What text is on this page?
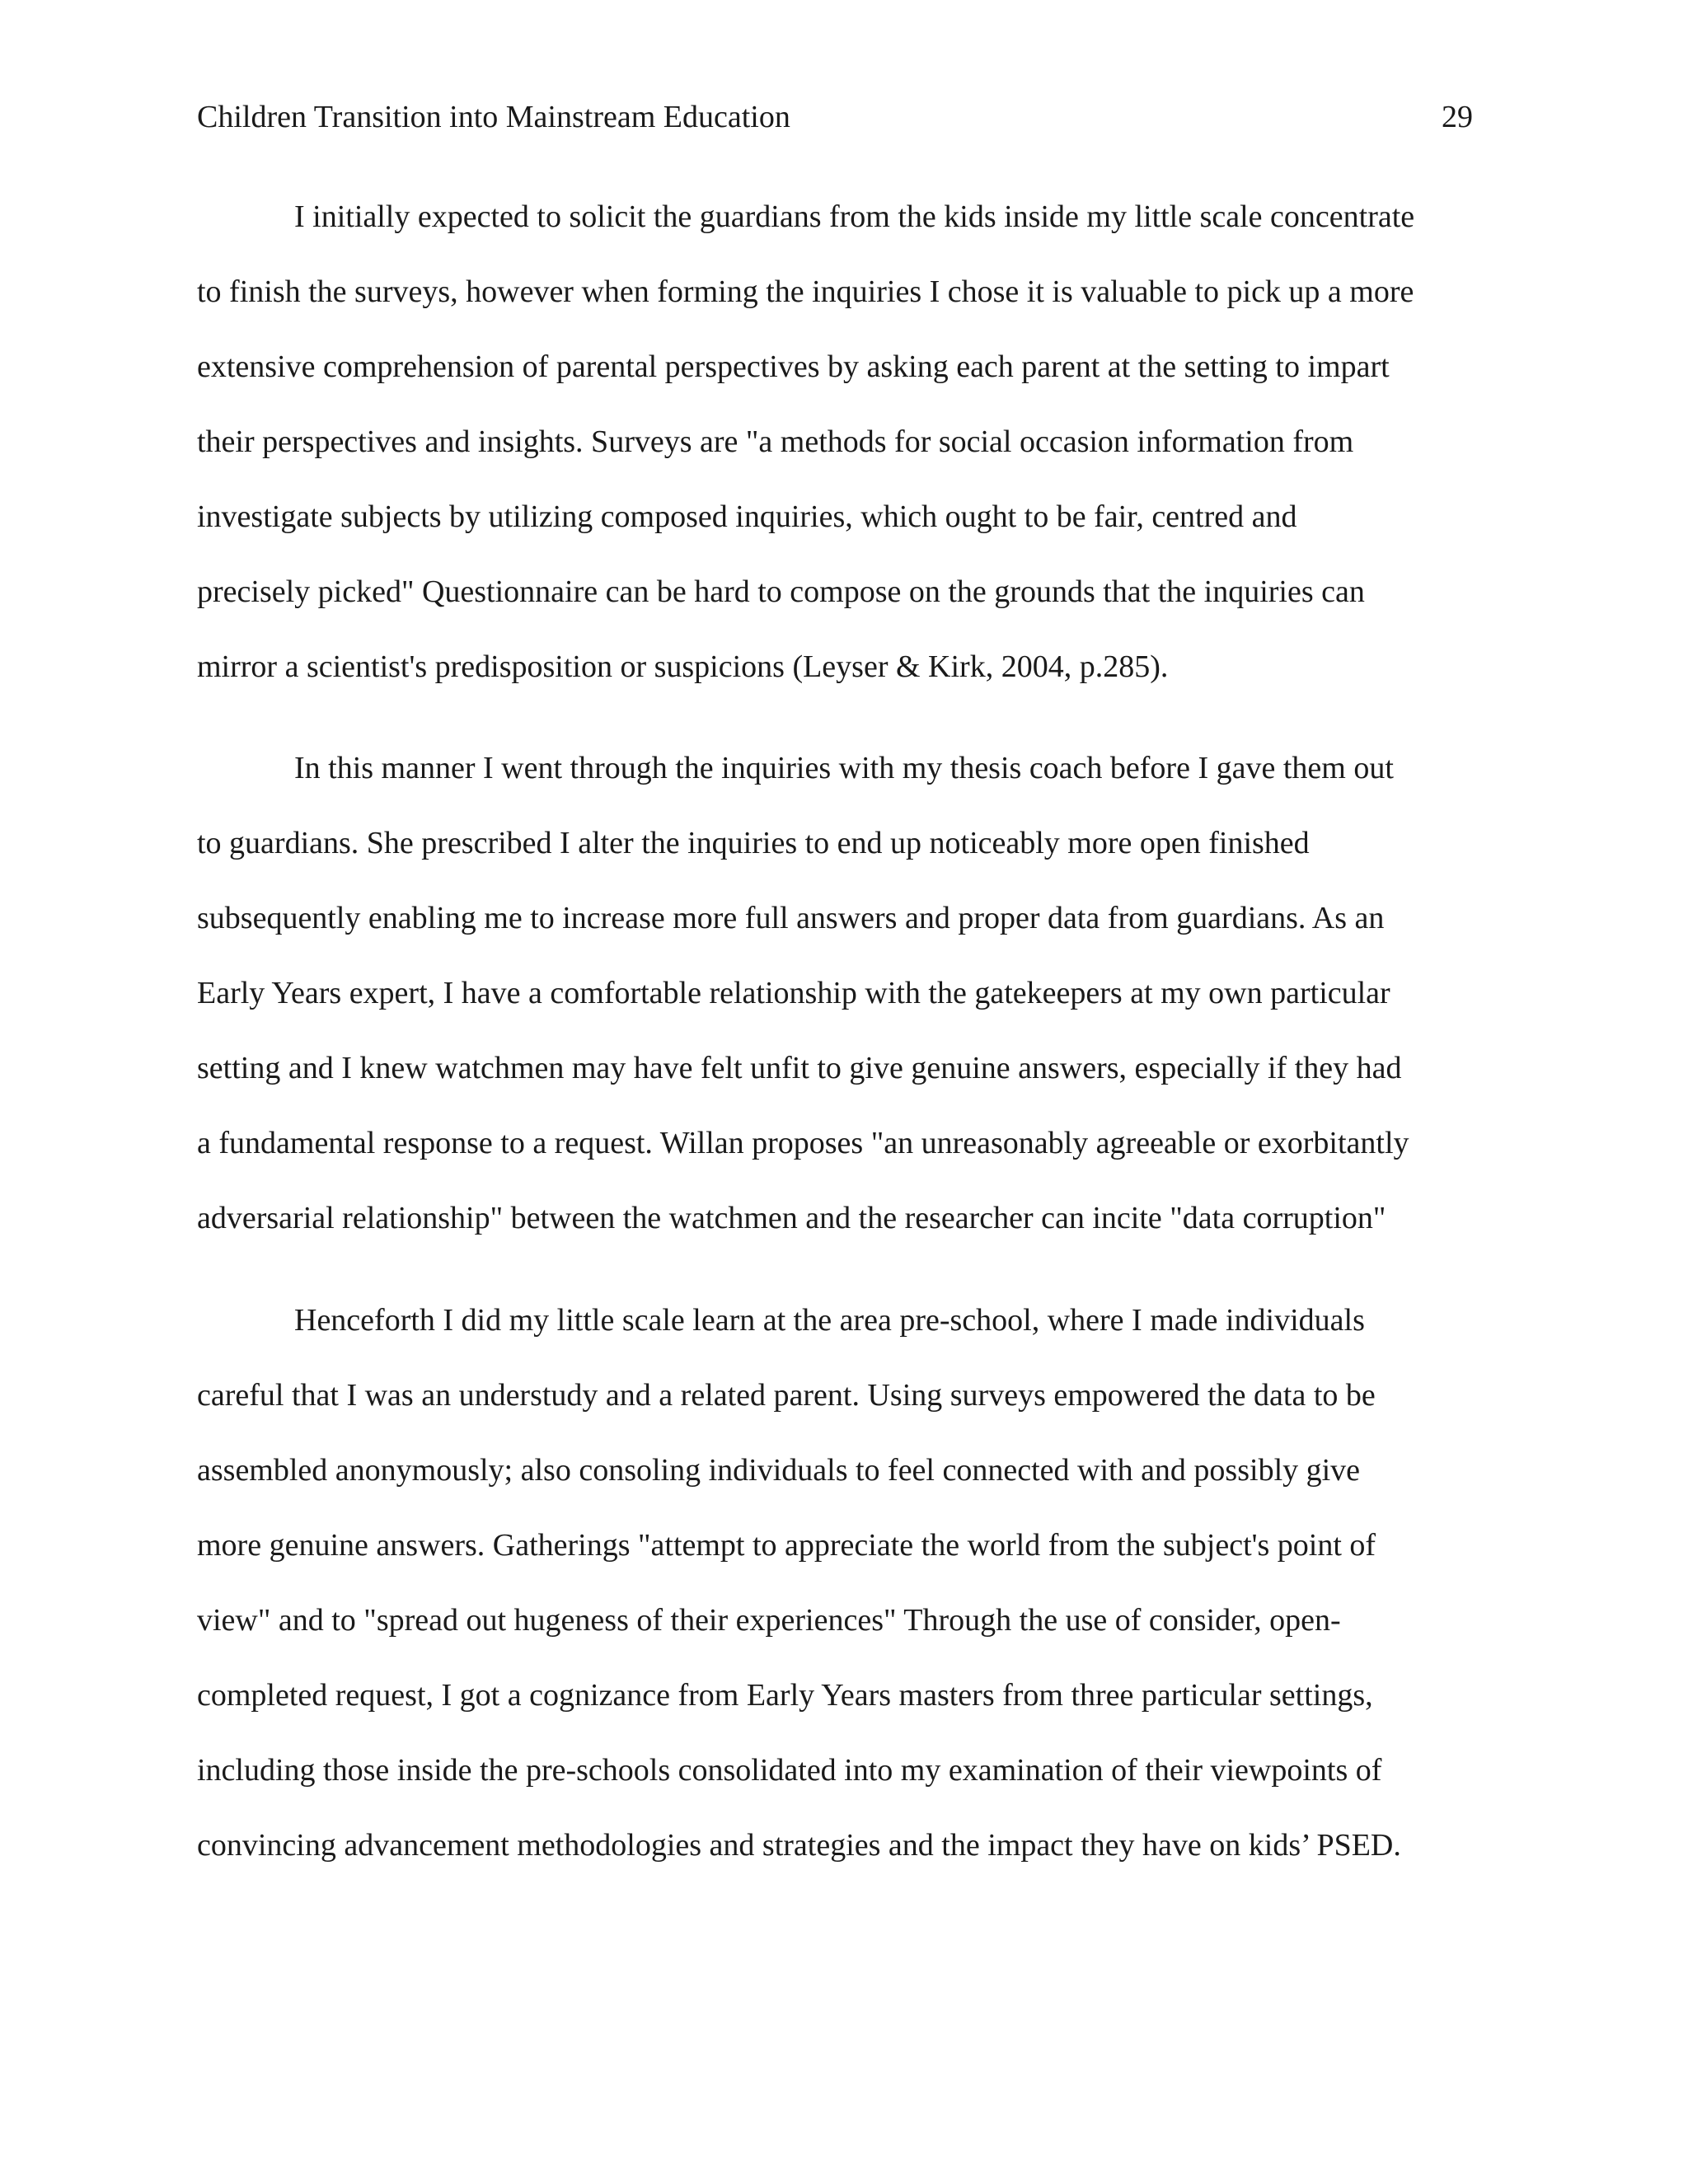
Children Transition into Mainstream Education	29
I initially expected to solicit the guardians from the kids inside my little scale concentrate
to finish the surveys, however when forming the inquiries I chose it is valuable to pick up a more
extensive comprehension of parental perspectives by asking each parent at the setting to impart
their perspectives and insights. Surveys are "a methods for social occasion information from
investigate subjects by utilizing composed inquiries, which ought to be fair, centred and
precisely picked" Questionnaire can be hard to compose on the grounds that the inquiries can
mirror a scientist's predisposition or suspicions (Leyser & Kirk, 2004, p.285).
In this manner I went through the inquiries with my thesis coach before I gave them out
to guardians. She prescribed I alter the inquiries to end up noticeably more open finished
subsequently enabling me to increase more full answers and proper data from guardians. As an
Early Years expert, I have a comfortable relationship with the gatekeepers at my own particular
setting and I knew watchmen may have felt unfit to give genuine answers, especially if they had
a fundamental response to a request. Willan proposes "an unreasonably agreeable or exorbitantly
adversarial relationship" between the watchmen and the researcher can incite "data corruption"
Henceforth I did my little scale learn at the area pre-school, where I made individuals
careful that I was an understudy and a related parent. Using surveys empowered the data to be
assembled anonymously; also consoling individuals to feel connected with and possibly give
more genuine answers. Gatherings "attempt to appreciate the world from the subject's point of
view" and to "spread out hugeness of their experiences" Through the use of consider, open-
completed request, I got a cognizance from Early Years masters from three particular settings,
including those inside the pre-schools consolidated into my examination of their viewpoints of
convincing advancement methodologies and strategies and the impact they have on kids’ PSED.
